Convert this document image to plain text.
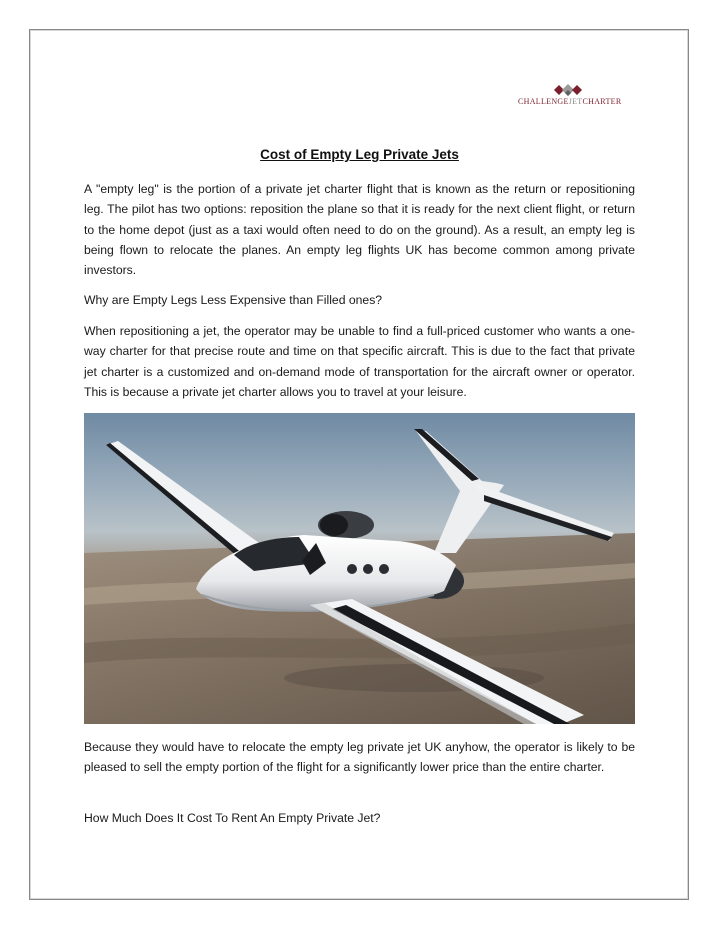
CHALLENGEJETCHARTER
Cost of Empty Leg Private Jets

A "empty leg" is the portion of a private jet charter flight that is known as the return or repositioning leg. The pilot has two options: reposition the plane so that it is ready for the next client flight, or return to the home depot (just as a taxi would often need to do on the ground). As a result, an empty leg is being flown to relocate the planes. An empty leg flights UK has become common among private investors.

Why are Empty Legs Less Expensive than Filled ones?

When repositioning a jet, the operator may be unable to find a full-priced customer who wants a one-way charter for that precise route and time on that specific aircraft. This is due to the fact that private jet charter is a customized and on-demand mode of transportation for the aircraft owner or operator. This is because a private jet charter allows you to travel at your leisure.

Because they would have to relocate the empty leg private jet UK anyhow, the operator is likely to be pleased to sell the empty portion of the flight for a significantly lower price than the entire charter.

How Much Does It Cost To Rent An Empty Private Jet?
